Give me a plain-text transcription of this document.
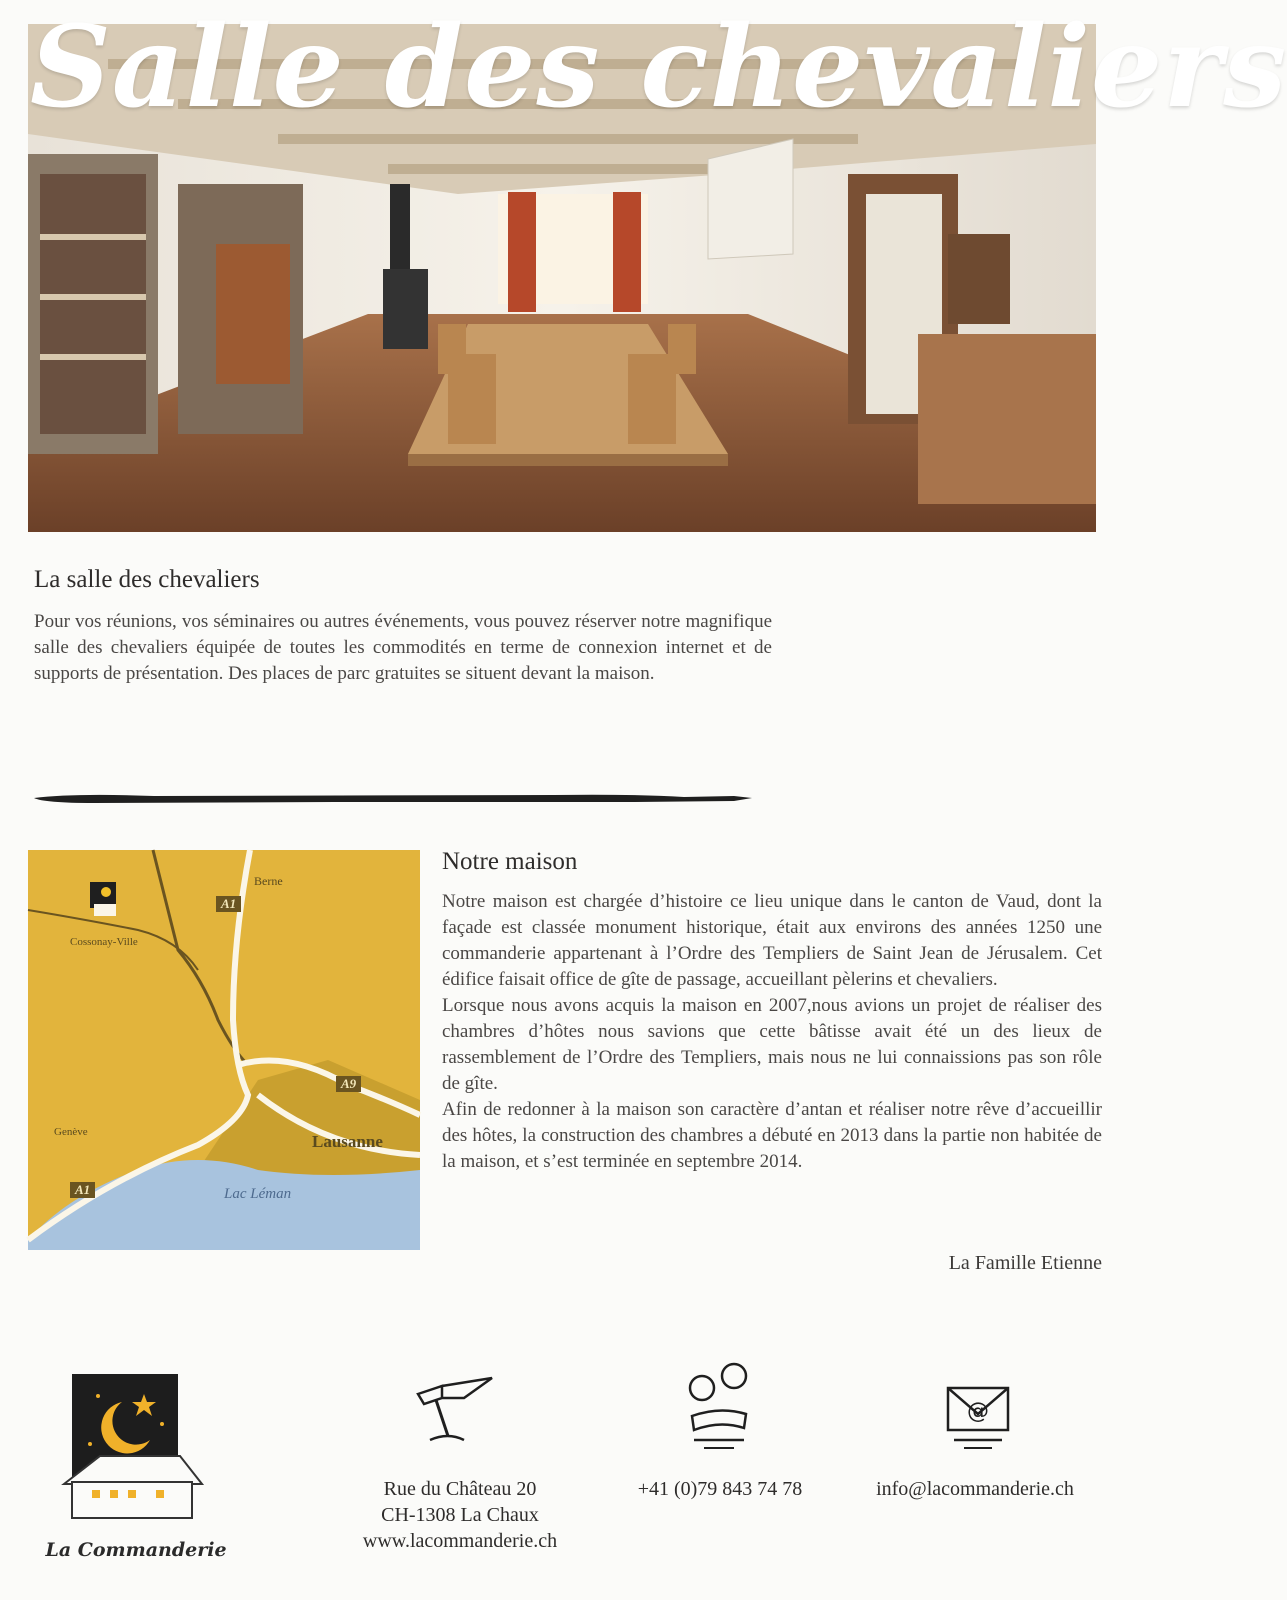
Salle des chevaliers
La salle des chevaliers

Pour vos réunions, vos séminaires ou autres événements, vous pouvez réserver notre magnifique salle des chevaliers équipée de toutes les commodités en terme de connexion internet et de supports de présentation. Des places de parc gratuites se situent devant la maison.

Berne
Cossonay-Ville
Genève	Lausanne
Lac Léman
A1
A9
A1
Notre maison

Notre maison est chargée d’histoire ce lieu unique dans le canton de Vaud, dont la façade est classée monument historique, était aux environs des années 1250 une commanderie appartenant à l’Ordre des Templiers de Saint Jean de Jérusalem. Cet édifice faisait office de gîte de passage, accueillant pèlerins et chevaliers.

Lorsque nous avons acquis la maison en 2007,nous avions un projet de réaliser des chambres d’hôtes nous savions que cette bâtisse avait été un des lieux de rassemblement de l’Ordre des Templiers, mais nous ne lui connaissions pas son rôle de gîte.

Afin de redonner à la maison son caractère d’antan et réaliser notre rêve d’accueillir des hôtes, la construction des chambres a débuté en 2013 dans la partie non habitée de la maison, et s’est terminée en septembre 2014.

La Famille Etienne
La Commanderie
@
Rue du Château 20
CH-1308 La Chaux
www.lacommanderie.ch
+41 (0)79 843 74 78	info@lacommanderie.ch
